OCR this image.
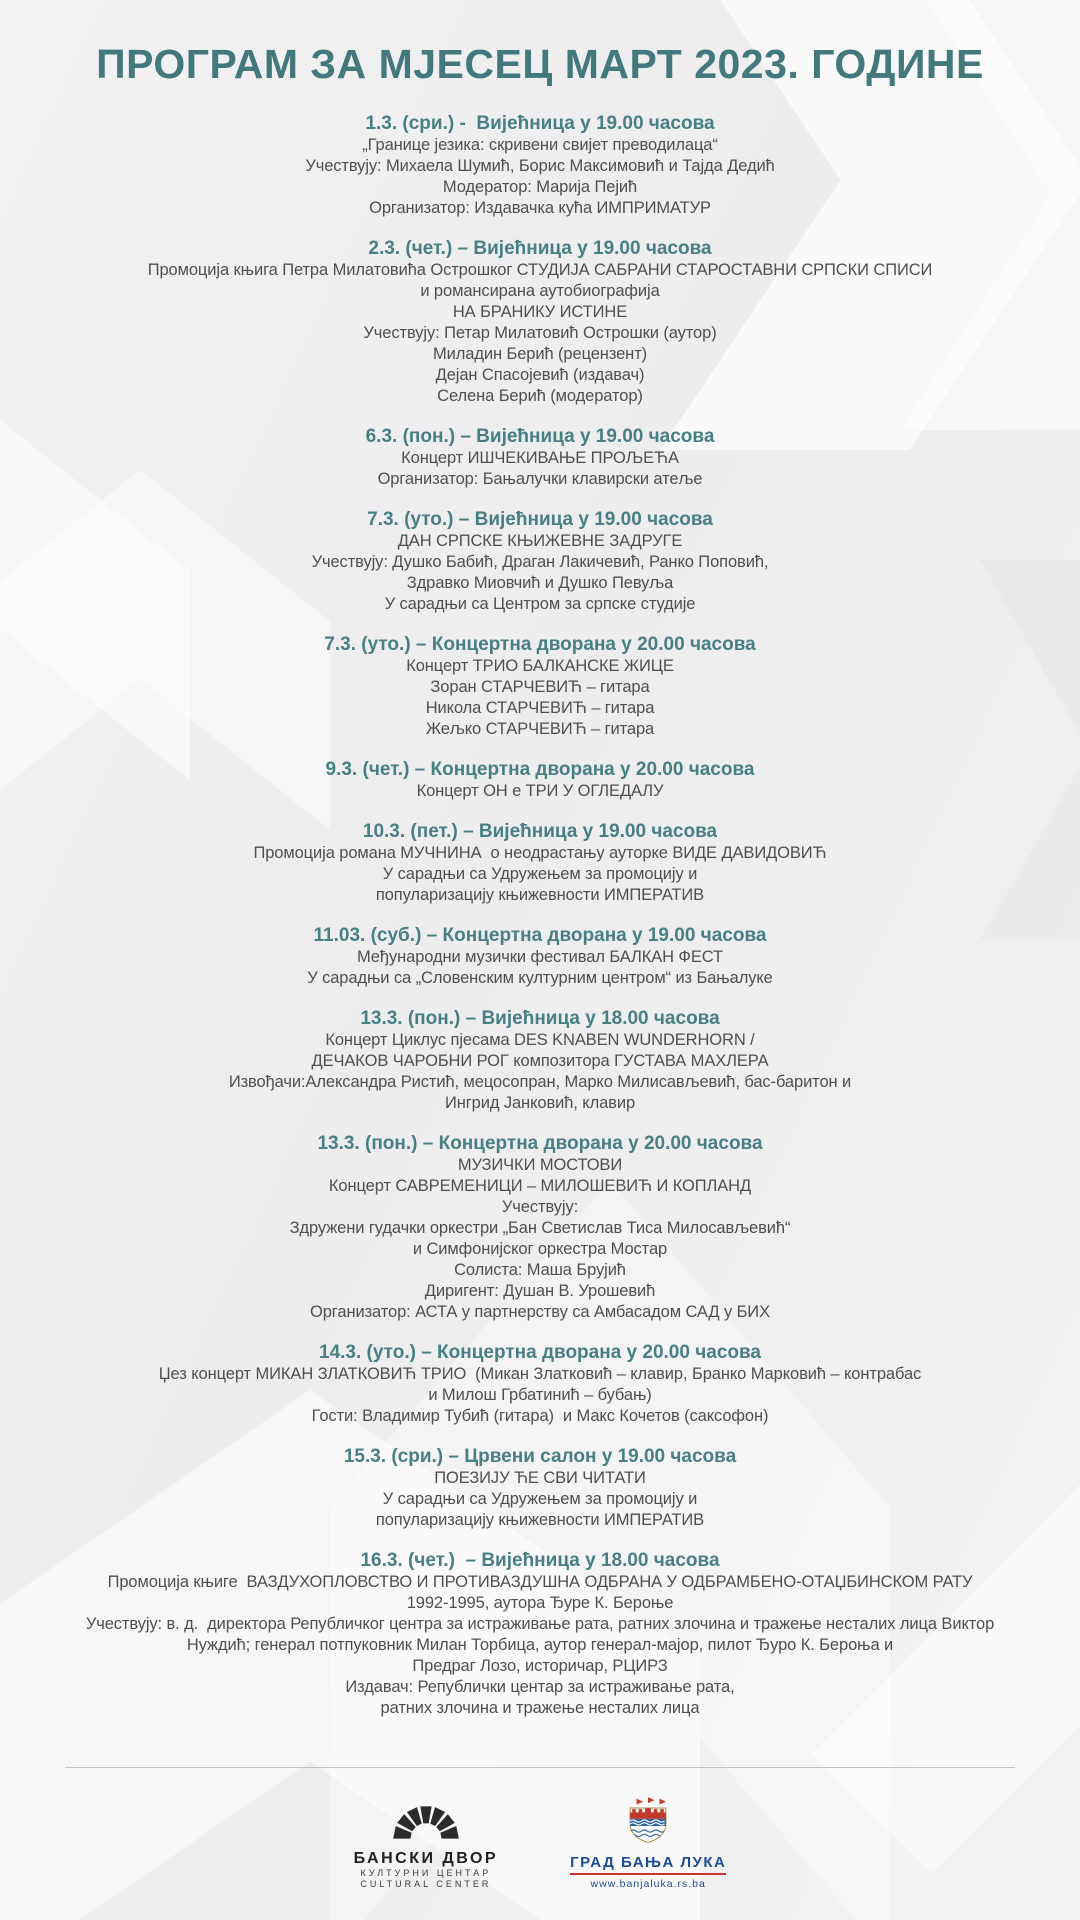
ПРОГРАМ ЗА МЈЕСЕЦ МАРТ 2023. ГОДИНЕ
1.3. (сри.) -  Вијећница у 19.00 часова
„Границе језика: скривени свијет преводилаца“
Учествују: Михаела Шумић, Борис Максимовић и Тајда Дедић
Модератор: Марија Пејић
Организатор: Издавачка кућа ИМПРИМАТУР
2.3. (чет.) – Вијећница у 19.00 часова
Промоција књига Петра Милатовића Острошког СТУДИЈА САБРАНИ СТАРОСТАВНИ СРПСКИ СПИСИ
и романсирана аутобиографија
НА БРАНИКУ ИСТИНЕ
Учествују: Петар Милатовић Острошки (аутор)
Миладин Берић (рецензент)
Дејан Спасојевић (издавач)
Селена Берић (модератор)
6.3. (пон.) – Вијећница у 19.00 часова
Концерт ИШЧЕКИВАЊЕ ПРОЉЕЋА
Организатор: Бањалучки клавирски атеље
7.3. (уто.) – Вијећница у 19.00 часова
ДАН СРПСКЕ КЊИЖЕВНЕ ЗАДРУГЕ
Учествују: Душко Бабић, Драган Лакичевић, Ранко Поповић,
Здравко Миовчић и Душко Певуља
У сарадњи са Центром за српске студије
7.3. (уто.) – Концертна дворана у 20.00 часова
Концерт ТРИО БАЛКАНСКЕ ЖИЦЕ
Зоран СТАРЧЕВИЋ – гитара
Никола СТАРЧЕВИЋ – гитара
Жељко СТАРЧЕВИЋ – гитара
9.3. (чет.) – Концертна дворана у 20.00 часова
Концерт ОН е ТРИ У ОГЛЕДАЛУ
10.3. (пет.) – Вијећница у 19.00 часова
Промоција романа МУЧНИНА  о неодрастању ауторке ВИДЕ ДАВИДОВИЋ
У сарадњи са Удружењем за промоцију и
популаризацију књижевности ИМПЕРАТИВ
11.03. (суб.) – Концертна дворана у 19.00 часова
Међународни музички фестивал БАЛКАН ФЕСТ
У сарадњи са „Словенским културним центром“ из Бањалуке
13.3. (пон.) – Вијећница у 18.00 часова
Концерт Циклус пјесама DES KNABEN WUNDERHORN /
ДЕЧАКОВ ЧАРОБНИ РОГ композитора ГУСТАВА МАХЛЕРА
Извођачи:Александра Ристић, мецосопран, Марко Милисављевић, бас-баритон и
Ингрид Јанковић, клавир
13.3. (пон.) – Концертна дворана у 20.00 часова
МУЗИЧКИ МОСТОВИ
Концерт САВРЕМЕНИЦИ – МИЛОШЕВИЋ И КОПЛАНД
Учествују:
Здружени гудачки оркестри „Бан Светислав Тиса Милосављевић“
и Симфонијског оркестра Мостар
Солиста: Маша Брујић
Диригент: Душан В. Урошевић
Организатор: АСТА у партнерству са Амбасадом САД у БИХ
14.3. (уто.) – Концертна дворана у 20.00 часова
Џез концерт МИКАН ЗЛАТКОВИЋ ТРИО  (Микан Златковић – клавир, Бранко Марковић – контрабас
и Милош Грбатинић – бубањ)
Гости: Владимир Тубић (гитара)  и Макс Кочетов (саксофон)
15.3. (сри.) – Црвени салон у 19.00 часова
ПОЕЗИЈУ ЋЕ СВИ ЧИТАТИ
У сарадњи са Удружењем за промоцију и
популаризацију књижевности ИМПЕРАТИВ
16.3. (чет.)  – Вијећница у 18.00 часова
Промоција књиге  ВАЗДУХОПЛОВСТВО И ПРОТИВАЗДУШНА ОДБРАНА У ОДБРАМБЕНО-ОТАЏБИНСКОМ РАТУ
1992-1995, аутора Ђуре К. Бероње
Учествују: в. д.  директора Републичког центра за истраживање рата, ратних злочина и тражење несталих лица Виктор
Нуждић; генерал потпуковник Милан Торбица, аутор генерал-мајор, пилот Ђуро К. Бероња и
Предраг Лозо, историчар, РЦИРЗ
Издавач: Републички центар за истраживање рата,
ратних злочина и тражење несталих лица
БАНСКИ ДВОР
КУЛТУРНИ ЦЕНТАР
CULTURAL CENTER
ГРАД БАЊА ЛУКА
www.banjaluka.rs.ba
